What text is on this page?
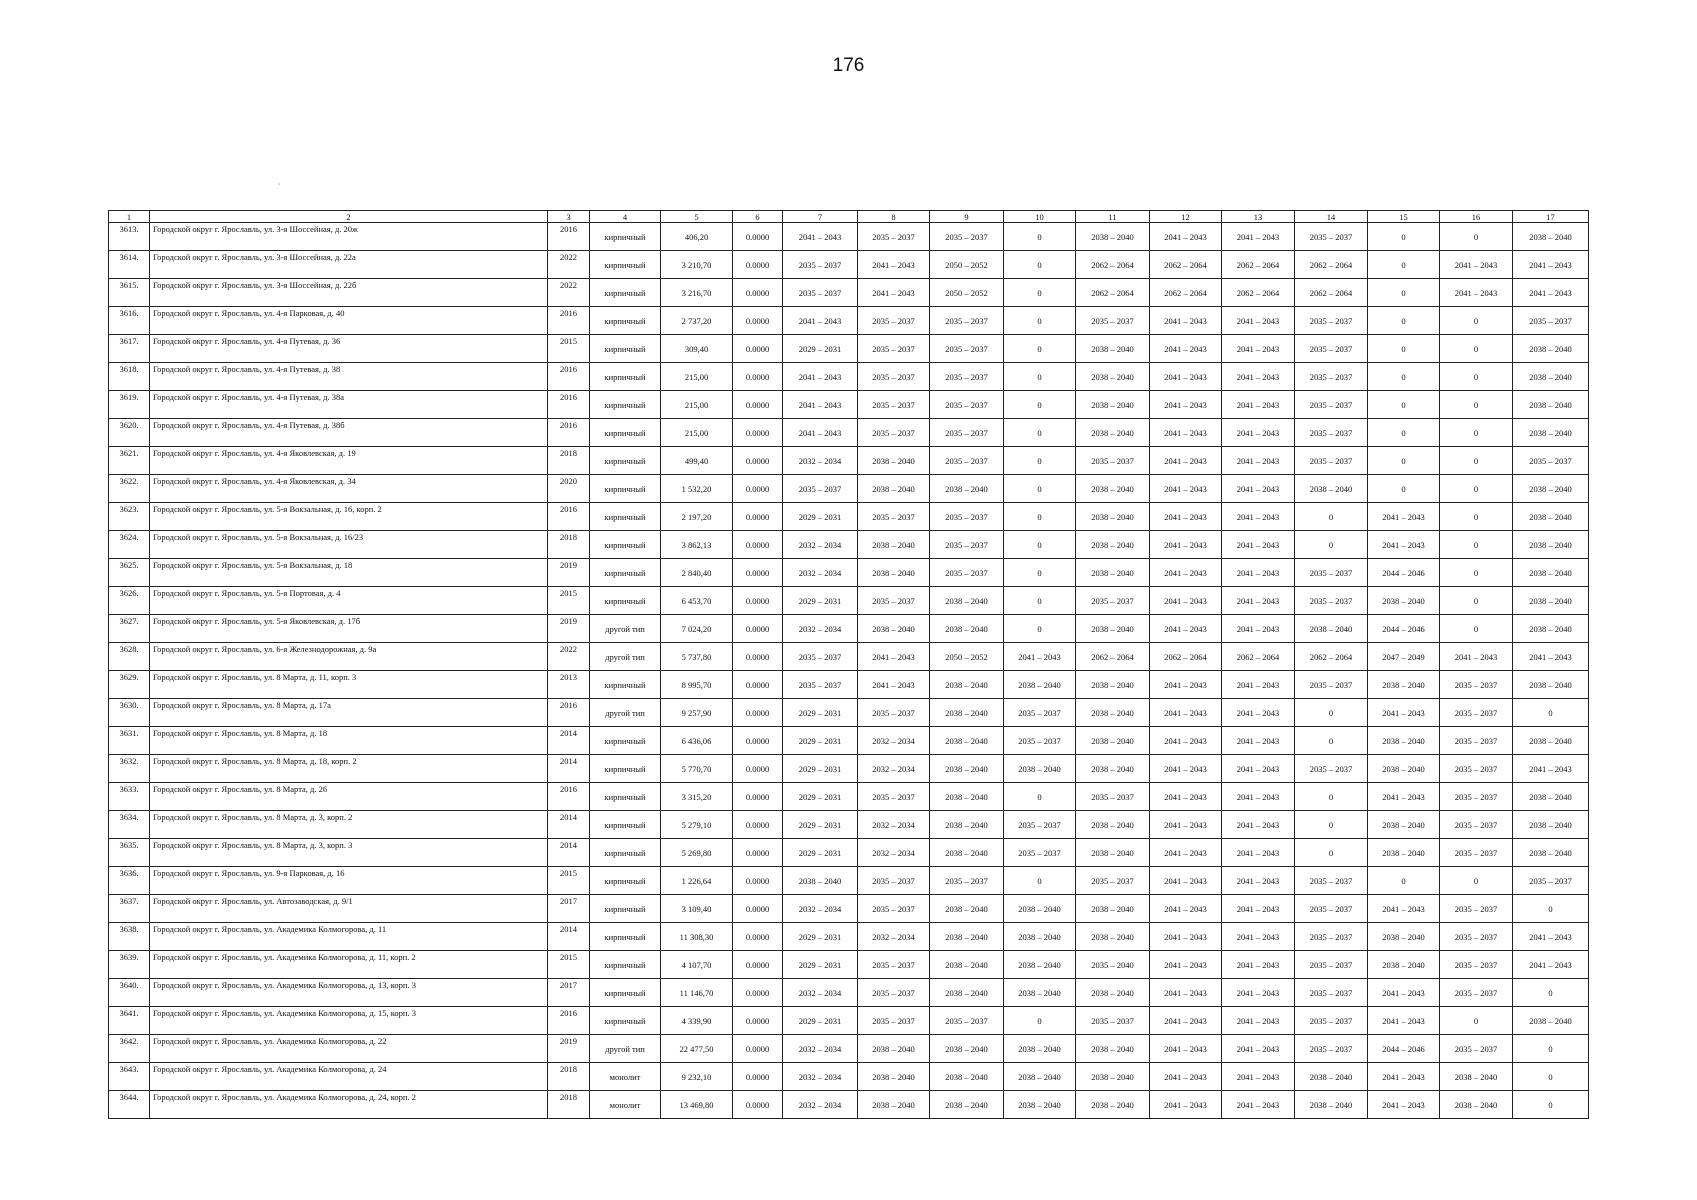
176
·
1	2	3	4	5	6	7	8	9	10	11	12	13	14	15	16	17
3613.	Городской округ г. Ярославль, ул. 3-я Шоссейная, д. 20ж	2016	кирпичный	406,20	0.0000	2041 – 2043	2035 – 2037	2035 – 2037	0	2038 – 2040	2041 – 2043	2041 – 2043	2035 – 2037	0	0	2038 – 2040
3614.	Городской округ г. Ярославль, ул. 3-я Шоссейная, д. 22а	2022	кирпичный	3 210,70	0.0000	2035 – 2037	2041 – 2043	2050 – 2052	0	2062 – 2064	2062 – 2064	2062 – 2064	2062 – 2064	0	2041 – 2043	2041 – 2043
3615.	Городской округ г. Ярославль, ул. 3-я Шоссейная, д. 22б	2022	кирпичный	3 216,70	0.0000	2035 – 2037	2041 – 2043	2050 – 2052	0	2062 – 2064	2062 – 2064	2062 – 2064	2062 – 2064	0	2041 – 2043	2041 – 2043
3616.	Городской округ г. Ярославль, ул. 4-я Парковая, д. 40	2016	кирпичный	2 737,20	0.0000	2041 – 2043	2035 – 2037	2035 – 2037	0	2035 – 2037	2041 – 2043	2041 – 2043	2035 – 2037	0	0	2035 – 2037
3617.	Городской округ г. Ярославль, ул. 4-я Путевая, д. 36	2015	кирпичный	309,40	0.0000	2029 – 2031	2035 – 2037	2035 – 2037	0	2038 – 2040	2041 – 2043	2041 – 2043	2035 – 2037	0	0	2038 – 2040
3618.	Городской округ г. Ярославль, ул. 4-я Путевая, д. 38	2016	кирпичный	215,00	0.0000	2041 – 2043	2035 – 2037	2035 – 2037	0	2038 – 2040	2041 – 2043	2041 – 2043	2035 – 2037	0	0	2038 – 2040
3619.	Городской округ г. Ярославль, ул. 4-я Путевая, д. 38а	2016	кирпичный	215,00	0.0000	2041 – 2043	2035 – 2037	2035 – 2037	0	2038 – 2040	2041 – 2043	2041 – 2043	2035 – 2037	0	0	2038 – 2040
3620.	Городской округ г. Ярославль, ул. 4-я Путевая, д. 38б	2016	кирпичный	215,00	0.0000	2041 – 2043	2035 – 2037	2035 – 2037	0	2038 – 2040	2041 – 2043	2041 – 2043	2035 – 2037	0	0	2038 – 2040
3621.	Городской округ г. Ярославль, ул. 4-я Яковлевская, д. 19	2018	кирпичный	499,40	0.0000	2032 – 2034	2038 – 2040	2035 – 2037	0	2035 – 2037	2041 – 2043	2041 – 2043	2035 – 2037	0	0	2035 – 2037
3622.	Городской округ г. Ярославль, ул. 4-я Яковлевская, д. 34	2020	кирпичный	1 532,20	0.0000	2035 – 2037	2038 – 2040	2038 – 2040	0	2038 – 2040	2041 – 2043	2041 – 2043	2038 – 2040	0	0	2038 – 2040
3623.	Городской округ г. Ярославль, ул. 5-я Вокзальная, д. 16, корп. 2	2016	кирпичный	2 197,20	0.0000	2029 – 2031	2035 – 2037	2035 – 2037	0	2038 – 2040	2041 – 2043	2041 – 2043	0	2041 – 2043	0	2038 – 2040
3624.	Городской округ г. Ярославль, ул. 5-я Вокзальная, д. 16/23	2018	кирпичный	3 862,13	0.0000	2032 – 2034	2038 – 2040	2035 – 2037	0	2038 – 2040	2041 – 2043	2041 – 2043	0	2041 – 2043	0	2038 – 2040
3625.	Городской округ г. Ярославль, ул. 5-я Вокзальная, д. 18	2019	кирпичный	2 840,40	0.0000	2032 – 2034	2038 – 2040	2035 – 2037	0	2038 – 2040	2041 – 2043	2041 – 2043	2035 – 2037	2044 – 2046	0	2038 – 2040
3626.	Городской округ г. Ярославль, ул. 5-я Портовая, д. 4	2015	кирпичный	6 453,70	0.0000	2029 – 2031	2035 – 2037	2038 – 2040	0	2035 – 2037	2041 – 2043	2041 – 2043	2035 – 2037	2038 – 2040	0	2038 – 2040
3627.	Городской округ г. Ярославль, ул. 5-я Яковлевская, д. 17б	2019	другой тип	7 024,20	0.0000	2032 – 2034	2038 – 2040	2038 – 2040	0	2038 – 2040	2041 – 2043	2041 – 2043	2038 – 2040	2044 – 2046	0	2038 – 2040
3628.	Городской округ г. Ярославль, ул. 6-я Железнодорожная, д. 9а	2022	другой тип	5 737,80	0.0000	2035 – 2037	2041 – 2043	2050 – 2052	2041 – 2043	2062 – 2064	2062 – 2064	2062 – 2064	2062 – 2064	2047 – 2049	2041 – 2043	2041 – 2043
3629.	Городской округ г. Ярославль, ул. 8 Марта, д. 11, корп. 3	2013	кирпичный	8 995,70	0.0000	2035 – 2037	2041 – 2043	2038 – 2040	2038 – 2040	2038 – 2040	2041 – 2043	2041 – 2043	2035 – 2037	2038 – 2040	2035 – 2037	2038 – 2040
3630.	Городской округ г. Ярославль, ул. 8 Марта, д. 17а	2016	другой тип	9 257,90	0.0000	2029 – 2031	2035 – 2037	2038 – 2040	2035 – 2037	2038 – 2040	2041 – 2043	2041 – 2043	0	2041 – 2043	2035 – 2037	0
3631.	Городской округ г. Ярославль, ул. 8 Марта, д. 18	2014	кирпичный	6 436,06	0.0000	2029 – 2031	2032 – 2034	2038 – 2040	2035 – 2037	2038 – 2040	2041 – 2043	2041 – 2043	0	2038 – 2040	2035 – 2037	2038 – 2040
3632.	Городской округ г. Ярославль, ул. 8 Марта, д. 18, корп. 2	2014	кирпичный	5 770,70	0.0000	2029 – 2031	2032 – 2034	2038 – 2040	2038 – 2040	2038 – 2040	2041 – 2043	2041 – 2043	2035 – 2037	2038 – 2040	2035 – 2037	2041 – 2043
3633.	Городской округ г. Ярославль, ул. 8 Марта, д. 26	2016	кирпичный	3 315,20	0.0000	2029 – 2031	2035 – 2037	2038 – 2040	0	2035 – 2037	2041 – 2043	2041 – 2043	0	2041 – 2043	2035 – 2037	2038 – 2040
3634.	Городской округ г. Ярославль, ул. 8 Марта, д. 3, корп. 2	2014	кирпичный	5 279,10	0.0000	2029 – 2031	2032 – 2034	2038 – 2040	2035 – 2037	2038 – 2040	2041 – 2043	2041 – 2043	0	2038 – 2040	2035 – 2037	2038 – 2040
3635.	Городской округ г. Ярославль, ул. 8 Марта, д. 3, корп. 3	2014	кирпичный	5 269,80	0.0000	2029 – 2031	2032 – 2034	2038 – 2040	2035 – 2037	2038 – 2040	2041 – 2043	2041 – 2043	0	2038 – 2040	2035 – 2037	2038 – 2040
3636.	Городской округ г. Ярославль, ул. 9-я Парковая, д. 16	2015	кирпичный	1 226,64	0.0000	2038 – 2040	2035 – 2037	2035 – 2037	0	2035 – 2037	2041 – 2043	2041 – 2043	2035 – 2037	0	0	2035 – 2037
3637.	Городской округ г. Ярославль, ул. Автозаводская, д. 9/1	2017	кирпичный	3 109,40	0.0000	2032 – 2034	2035 – 2037	2038 – 2040	2038 – 2040	2038 – 2040	2041 – 2043	2041 – 2043	2035 – 2037	2041 – 2043	2035 – 2037	0
3638.	Городской округ г. Ярославль, ул. Академика Колмогорова, д. 11	2014	кирпичный	11 308,30	0.0000	2029 – 2031	2032 – 2034	2038 – 2040	2038 – 2040	2038 – 2040	2041 – 2043	2041 – 2043	2035 – 2037	2038 – 2040	2035 – 2037	2041 – 2043
3639.	Городской округ г. Ярославль, ул. Академика Колмогорова, д. 11, корп. 2	2015	кирпичный	4 107,70	0.0000	2029 – 2031	2035 – 2037	2038 – 2040	2038 – 2040	2035 – 2040	2041 – 2043	2041 – 2043	2035 – 2037	2038 – 2040	2035 – 2037	2041 – 2043
3640.	Городской округ г. Ярославль, ул. Академика Колмогорова, д. 13, корп. 3	2017	кирпичный	11 146,70	0.0000	2032 – 2034	2035 – 2037	2038 – 2040	2038 – 2040	2038 – 2040	2041 – 2043	2041 – 2043	2035 – 2037	2041 – 2043	2035 – 2037	0
3641.	Городской округ г. Ярославль, ул. Академика Колмогорова, д. 15, корп. 3	2016	кирпичный	4 339,90	0.0000	2029 – 2031	2035 – 2037	2035 – 2037	0	2035 – 2037	2041 – 2043	2041 – 2043	2035 – 2037	2041 – 2043	0	2038 – 2040
3642.	Городской округ г. Ярославль, ул. Академика Колмогорова, д. 22	2019	другой тип	22 477,50	0.0000	2032 – 2034	2038 – 2040	2038 – 2040	2038 – 2040	2038 – 2040	2041 – 2043	2041 – 2043	2035 – 2037	2044 – 2046	2035 – 2037	0
3643.	Городской округ г. Ярославль, ул. Академика Колмогорова, д. 24	2018	монолит	9 232,10	0.0000	2032 – 2034	2038 – 2040	2038 – 2040	2038 – 2040	2038 – 2040	2041 – 2043	2041 – 2043	2038 – 2040	2041 – 2043	2038 – 2040	0
3644.	Городской округ г. Ярославль, ул. Академика Колмогорова, д. 24, корп. 2	2018	монолит	13 469,80	0.0000	2032 – 2034	2038 – 2040	2038 – 2040	2038 – 2040	2038 – 2040	2041 – 2043	2041 – 2043	2038 – 2040	2041 – 2043	2038 – 2040	0
